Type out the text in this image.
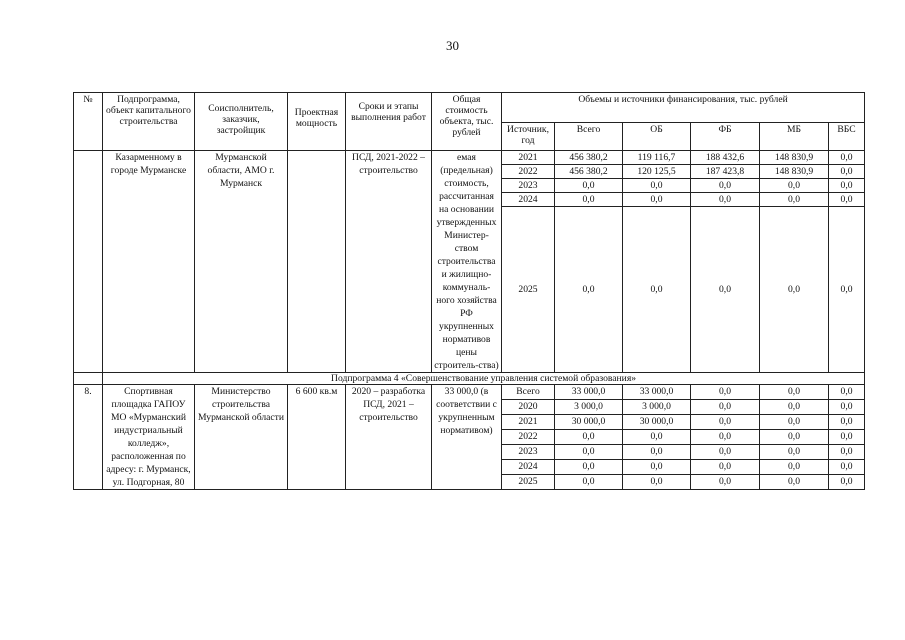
30
№	Подпрограмма, объект капитального строительства	Соисполнитель, заказчик, застройщик	Проектная мощность	Сроки и этапы выполнения работ	Общая стоимость объекта, тыс. рублей	Объемы и источники финансирования, тыс. рублей					
						Источник, год	Всего	ОБ	ФБ	МБ	ВБС
	Казарменному в городе Мурманске	Мурманской области, АМО г. Мурманск		ПСД, 2021-2022 – строительство	емая (предельная) стоимость, рассчитанная на основании утвержденных Министер-ством строительства и жилищно-коммуналь-ного хозяйства РФ укрупненных нормативов цены строитель-ства)	2021	456 380,2	119 116,7	188 432,6	148 830,9	0,0
						2022	456 380,2	120 125,5	187 423,8	148 830,9	0,0
						2023	0,0	0,0	0,0	0,0	0,0
						2024	0,0	0,0	0,0	0,0	0,0
						2025	0,0	0,0	0,0	0,0	0,0
	Подпрограмма 4 «Совершенствование управления системой образования»										
8.	Спортивная площадка ГАПОУ МО «Мурманский индустриальный колледж», расположенная по адресу: г. Мурманск, ул. Подгорная, 80	Министерство строительства Мурманской области	6 600 кв.м	2020 – разработка ПСД, 2021 – строительство	33 000,0 (в соответствии с укрупненным нормативом)	Всего	33 000,0	33 000,0	0,0	0,0	0,0
						2020	3 000,0	3 000,0	0,0	0,0	0,0
						2021	30 000,0	30 000,0	0,0	0,0	0,0
						2022	0,0	0,0	0,0	0,0	0,0
						2023	0,0	0,0	0,0	0,0	0,0
						2024	0,0	0,0	0,0	0,0	0,0
						2025	0,0	0,0	0,0	0,0	0,0
